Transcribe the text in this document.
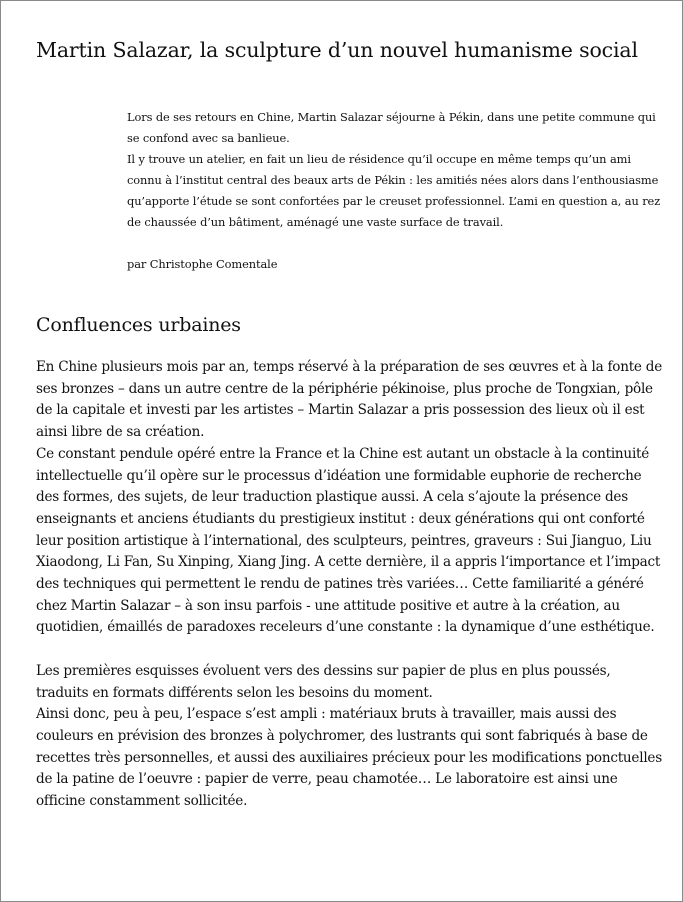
Martin Salazar, la sculpture d’un nouvel humanisme social

Lors de ses retours en Chine, Martin Salazar séjourne à Pékin, dans une petite commune qui se confond avec sa banlieue.

Il y trouve un atelier, en fait un lieu de résidence qu’il occupe en même temps qu’un ami connu à l’institut central des beaux arts de Pékin : les amitiés nées alors dans l’enthousiasme qu’apporte l’étude se sont confortées par le creuset professionnel. L’ami en question a, au rez de chaussée d’un bâtiment, aménagé une vaste surface de travail.

par Christophe Comentale

Confluences urbaines

En Chine plusieurs mois par an, temps réservé à la préparation de ses œuvres et à la fonte de ses bronzes – dans un autre centre de la périphérie pékinoise, plus proche de Tongxian, pôle de la capitale et investi par les artistes – Martin Salazar a pris possession des lieux où il est ainsi libre de sa création.

Ce constant pendule opéré entre la France et la Chine est autant un obstacle à la continuité intellectuelle qu’il opère sur le processus d’idéation une formidable euphorie de recherche des formes, des sujets, de leur traduction plastique aussi. A cela s’ajoute la présence des enseignants et anciens étudiants du prestigieux institut : deux générations qui ont conforté leur position artistique à l’international, des sculpteurs, peintres, graveurs : Sui Jianguo, Liu Xiaodong, Li Fan, Su Xinping, Xiang Jing. A cette dernière, il a appris l‘importance et l’impact des techniques qui permettent le rendu de patines très variées… Cette familiarité a généré chez Martin Salazar – à son insu parfois - une attitude positive et autre à la création, au quotidien, émaillés de paradoxes receleurs d’une constante : la dynamique d’une esthétique.

Les premières esquisses évoluent vers des dessins sur papier de plus en plus poussés, traduits en formats différents selon les besoins du moment.

Ainsi donc, peu à peu, l’espace s’est ampli : matériaux bruts à travailler, mais aussi des couleurs en prévision des bronzes à polychromer, des lustrants qui sont fabriqués à base de recettes très personnelles, et aussi des auxiliaires précieux pour les modifications ponctuelles de la patine de l’oeuvre : papier de verre, peau chamotée… Le laboratoire est ainsi une officine constamment sollicitée.
